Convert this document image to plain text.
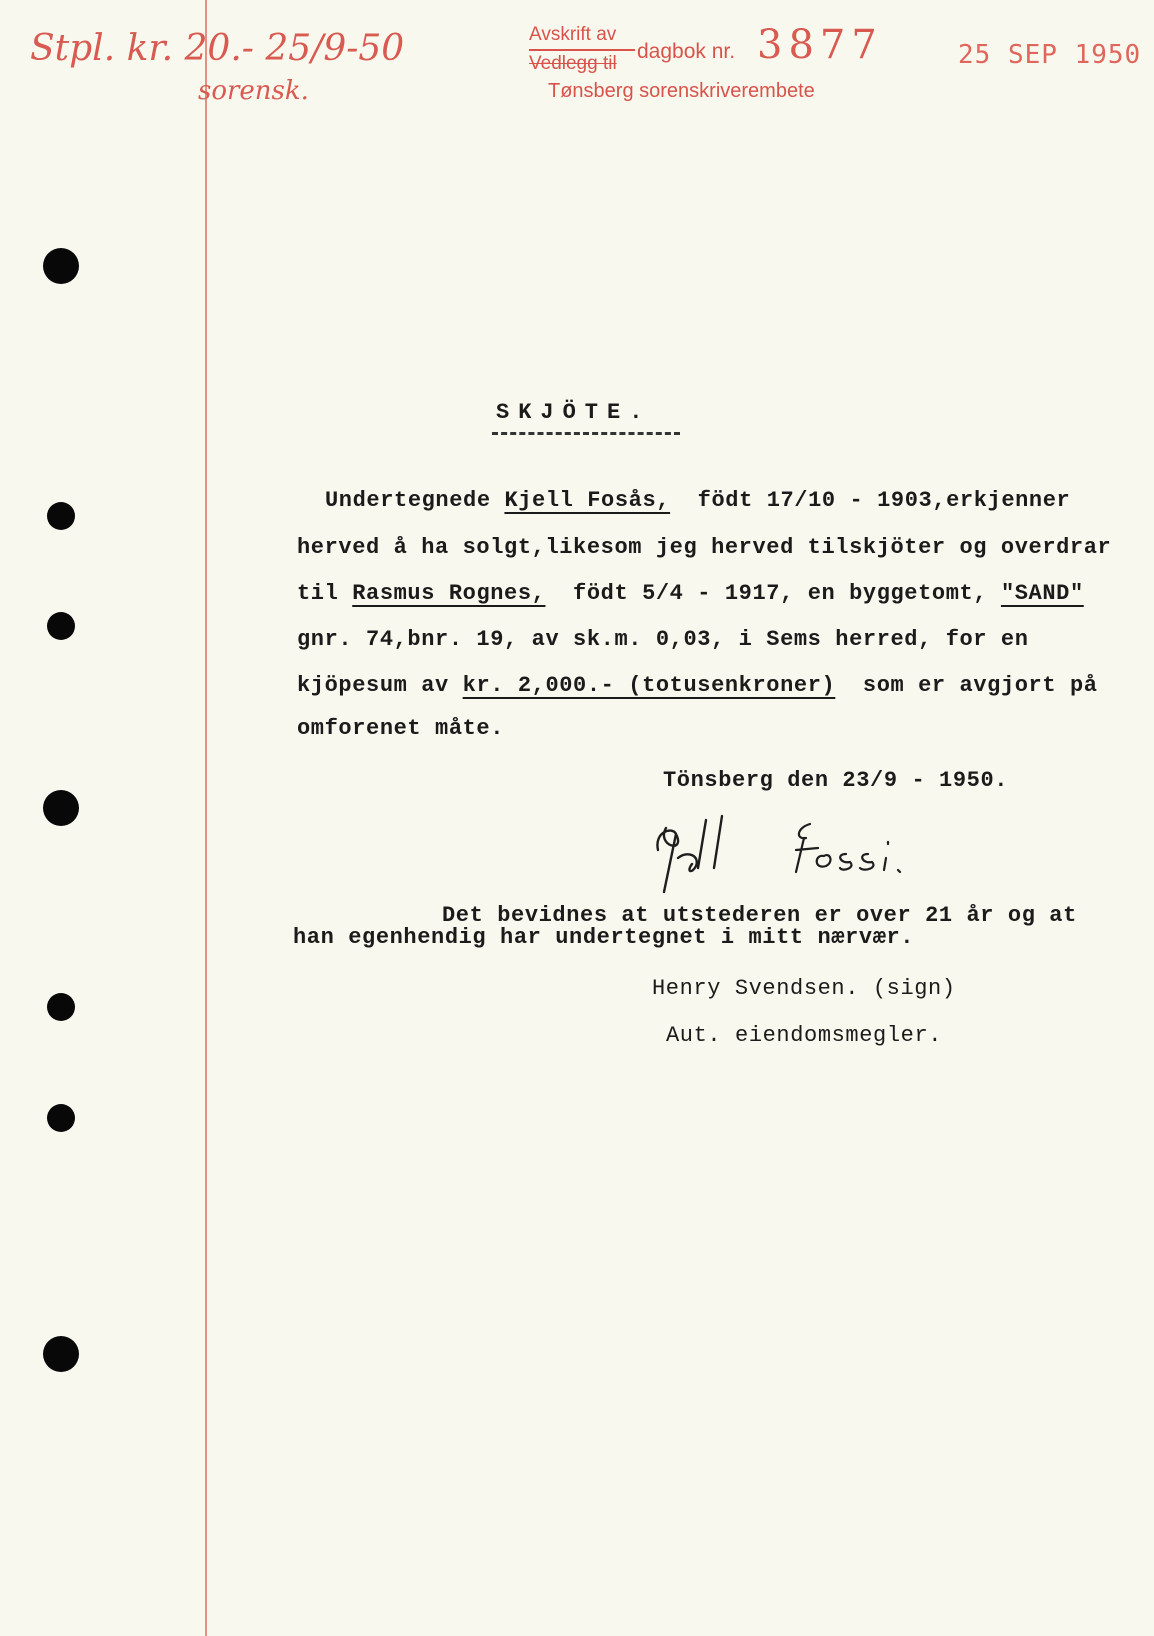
Stpl. kr. 20.- 25/9-50
sorensk.
Avskrift av
Vedlegg til
dagbok nr. 3877
Tønsberg sorenskriverembete
25 SEP 1950
SKJÖTE.
Undertegnede Kjell Fosås,  födt 17/10 - 1903,erkjenner
herved å ha solgt,likesom jeg herved tilskjöter og overdrar
til Rasmus Rognes,  födt 5/4 - 1917, en byggetomt, "SAND"
gnr. 74,bnr. 19, av sk.m. 0,03, i Sems herred, for en
kjöpesum av kr. 2,000.- (totusenkroner)  som er avgjort på
omforenet måte.
Tönsberg den 23/9 - 1950.
Det bevidnes at utstederen er over 21 år og at
han egenhendig har undertegnet i mitt nærvær.
Henry Svendsen. (sign)
Aut. eiendomsmegler.
